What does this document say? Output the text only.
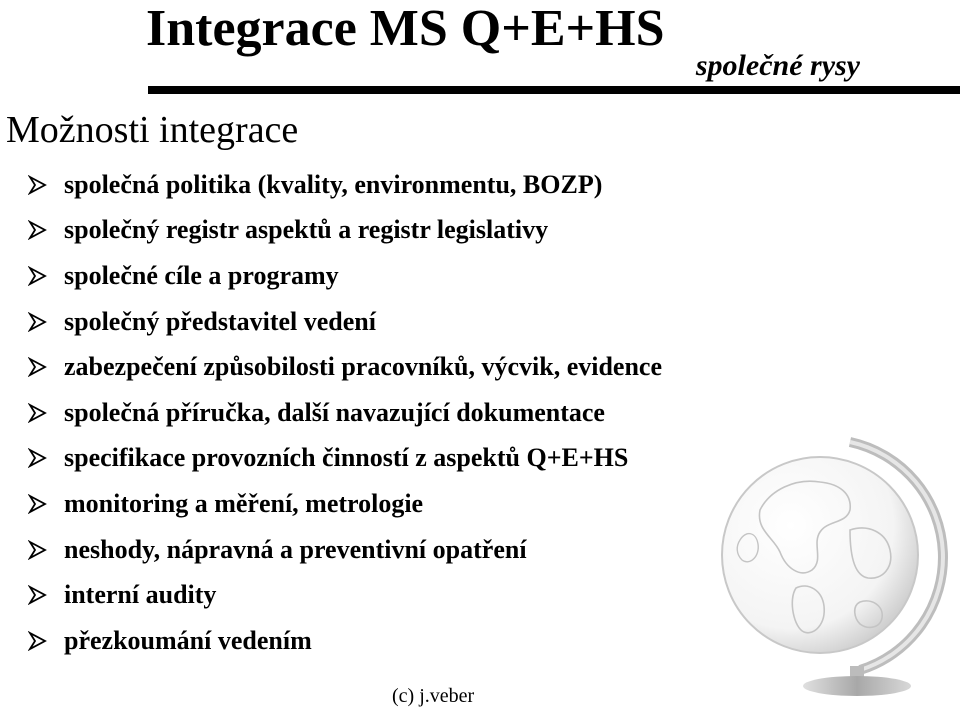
Integrace MS Q+E+HS
společné rysy
Možnosti integrace
společná politika (kvality, environmentu, BOZP)
společný registr aspektů a registr legislativy
společné cíle a programy
společný představitel vedení
zabezpečení způsobilosti pracovníků, výcvik, evidence
společná příručka, další navazující dokumentace
specifikace provozních činností z aspektů Q+E+HS
monitoring a měření, metrologie
neshody, nápravná a preventivní opatření
interní audity
přezkoumání vedením
(c) j.veber
